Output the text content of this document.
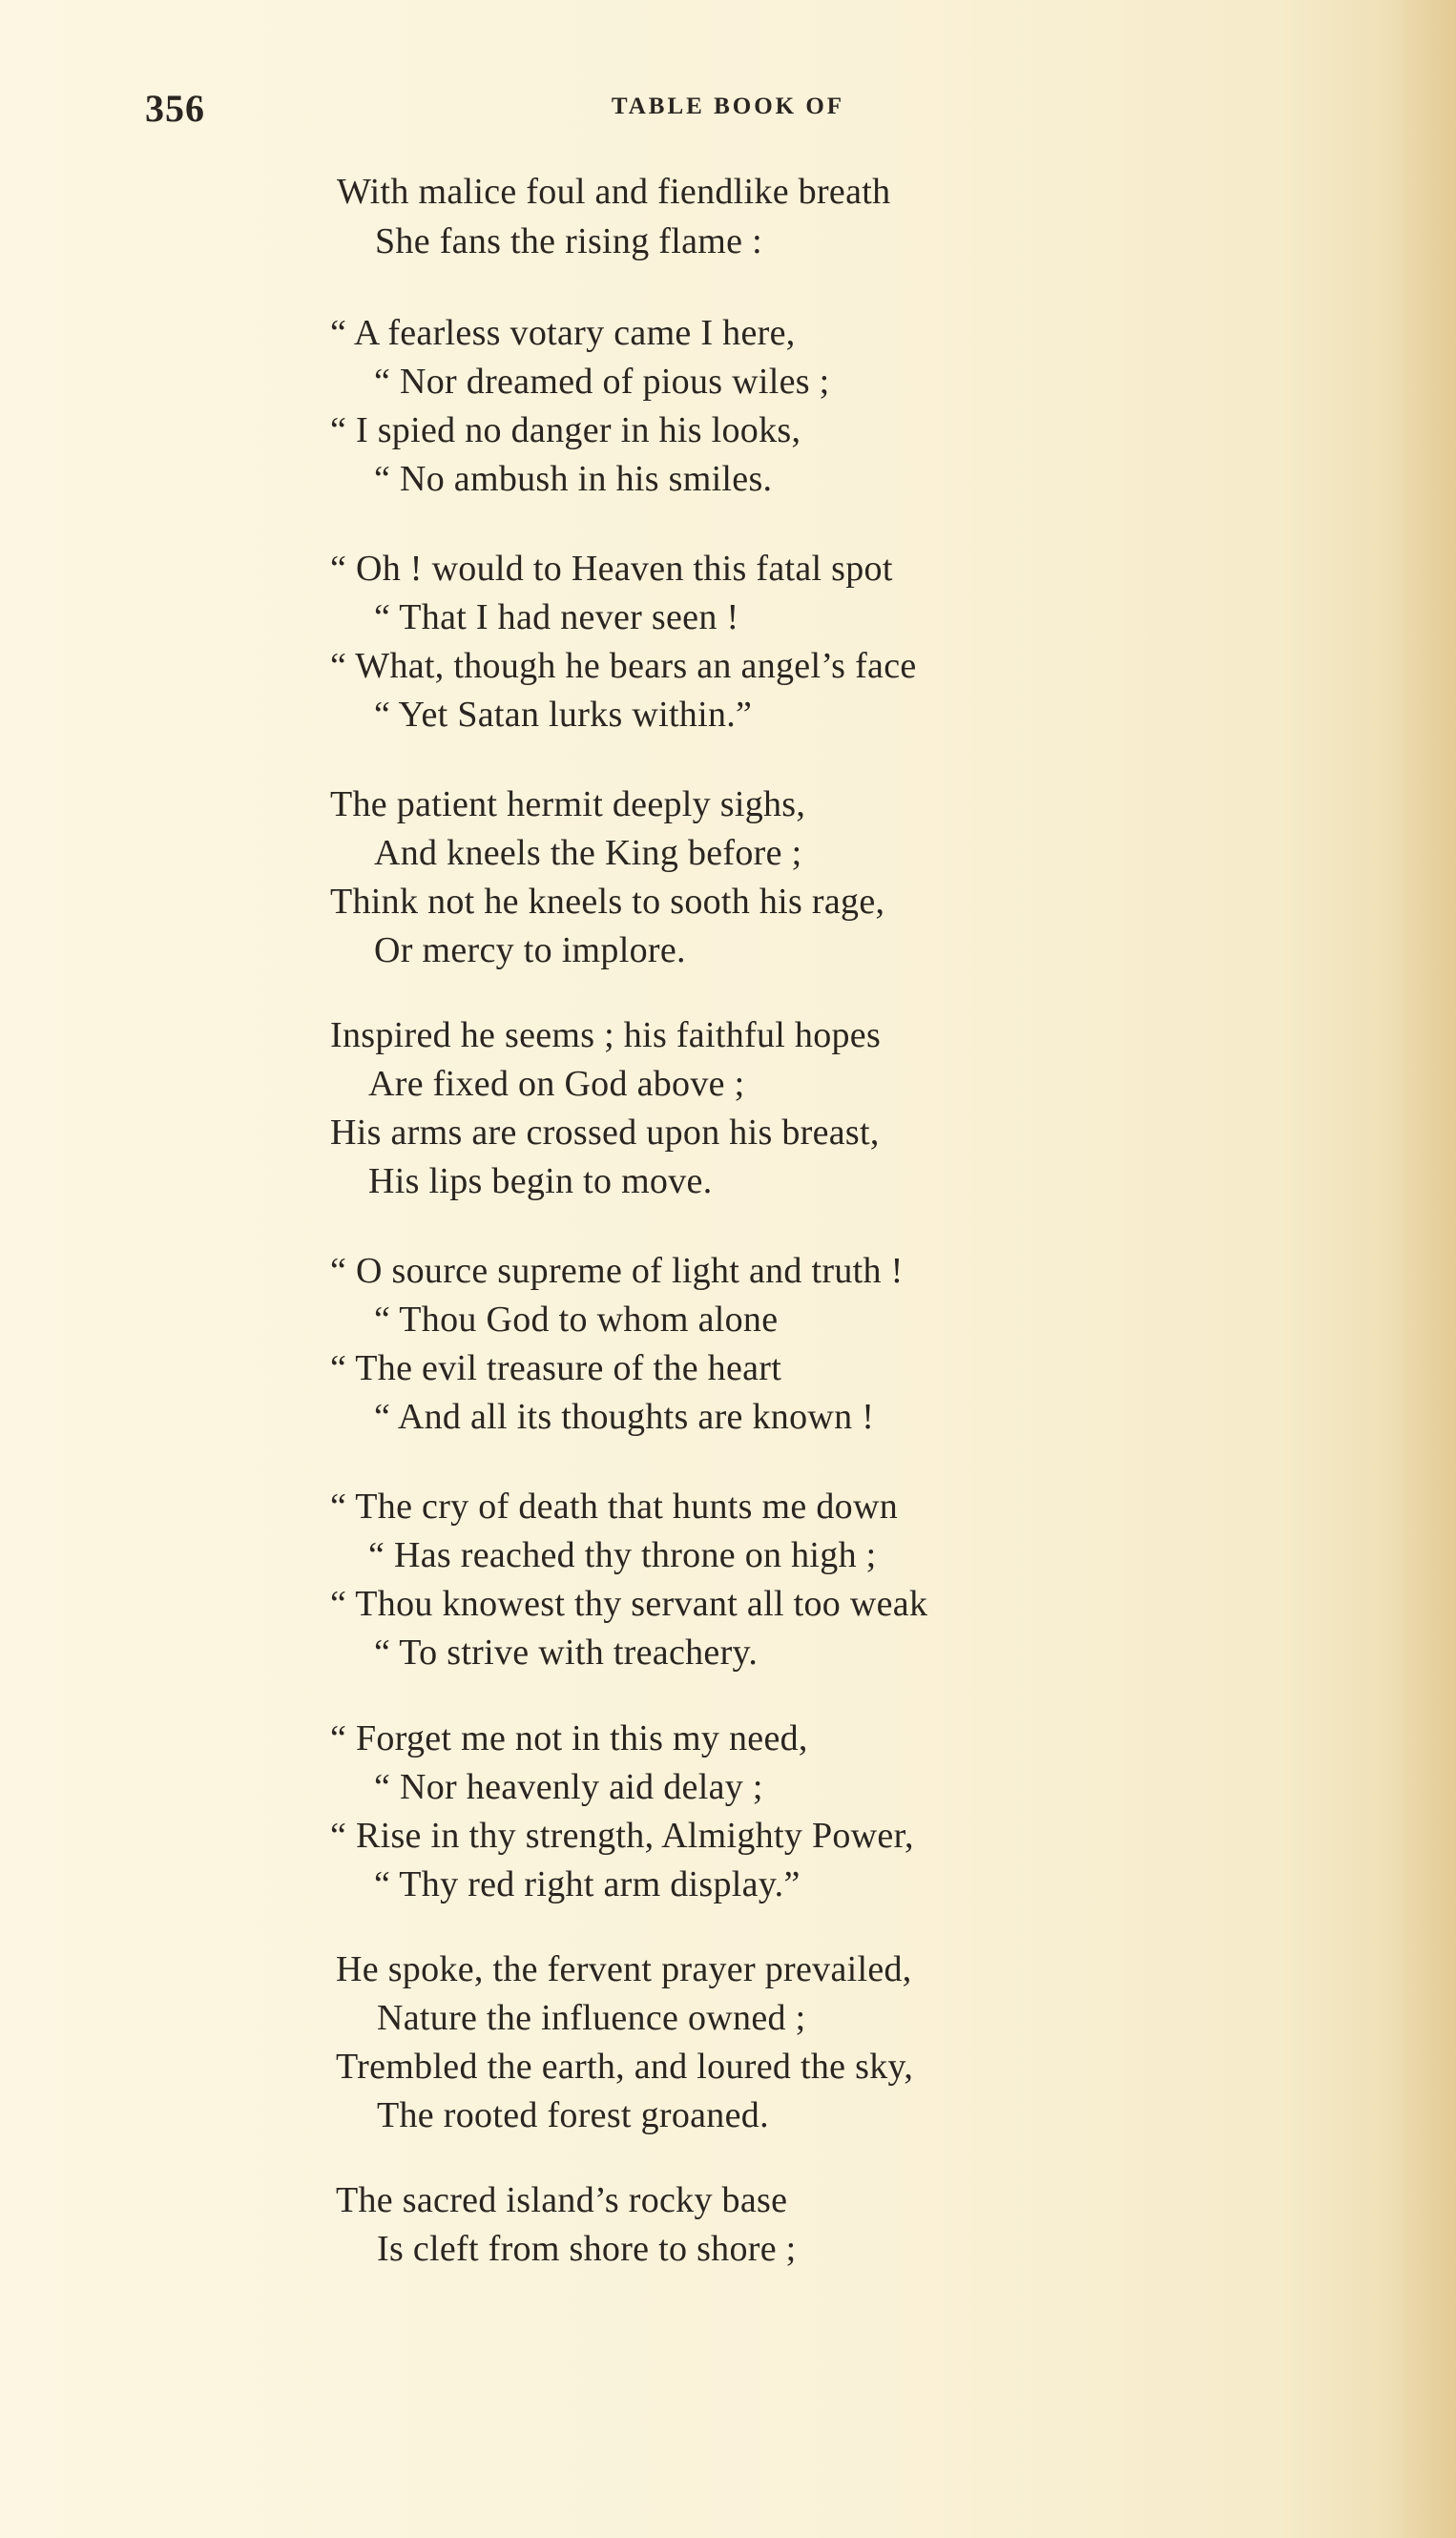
356	TABLE BOOK OF
With malice foul and fiendlike breath
She fans the rising flame :
“ A fearless votary came I here,
“ Nor dreamed of pious wiles ;
“ I spied no danger in his looks,
“ No ambush in his smiles.
“ Oh ! would to Heaven this fatal spot
“ That I had never seen !
“ What, though he bears an angel’s face
“ Yet Satan lurks within.”
The patient hermit deeply sighs,
And kneels the King before ;
Think not he kneels to sooth his rage,
Or mercy to implore.
Inspired he seems ; his faithful hopes
Are fixed on God above ;
His arms are crossed upon his breast,
His lips begin to move.
“ O source supreme of light and truth !
“ Thou God to whom alone
“ The evil treasure of the heart
“ And all its thoughts are known !
“ The cry of death that hunts me down
“ Has reached thy throne on high ;
“ Thou knowest thy servant all too weak
“ To strive with treachery.
“ Forget me not in this my need,
“ Nor heavenly aid delay ;
“ Rise in thy strength, Almighty Power,
“ Thy red right arm display.”
He spoke, the fervent prayer prevailed,
Nature the influence owned ;
Trembled the earth, and loured the sky,
The rooted forest groaned.
The sacred island’s rocky base
Is cleft from shore to shore ;
